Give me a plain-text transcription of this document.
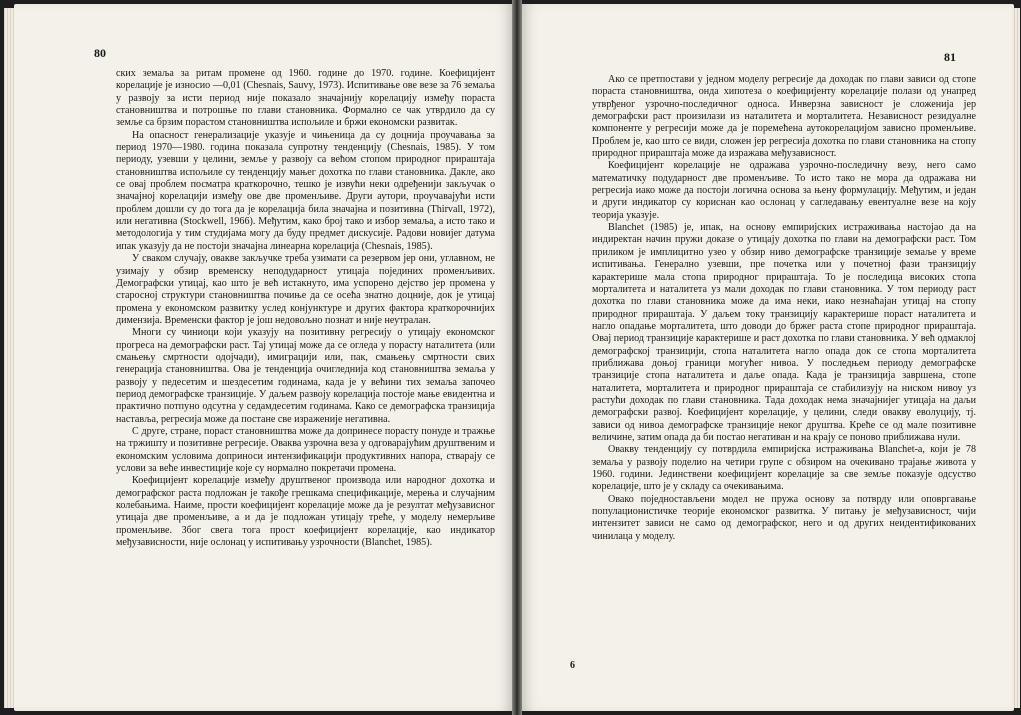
80

ских земаља за ритам промене од 1960. године до 1970. године. Коефицијент корелације је износио —0,01 (Chesnais, Sauvy, 1973). Испитивање ове везе за 76 земаља у развоју за исти период није показало значајнију корелацију између пораста становништва и потрошње по глави становника. Формално се чак утврдило да су земље са брзим порастом становништва испољиле и бржи економски развитак.

На опасност генерализације указује и чињеница да су доцнија проучавања за период 1970—1980. година показала супротну тенденцију (Chesnais, 1985). У том периоду, узевши у целини, земље у развоју са већом стопом природног прираштаја становништва испољиле су тенденцију мањег дохотка по глави становника. Дакле, ако се овај проблем посматра краткорочно, тешко је извући неки одређенији закључак о значајној корелацији између ове две променљиве. Други аутори, проучавајући исти проблем дошли су до тога да је корелација била значајна и позитивна (Thirvall, 1972), или негативна (Stockwell, 1966). Међутим, како број тако и избор земаља, а исто тако и методологија у тим студијама могу да буду предмет дискусије. Радови новијег датума ипак указују да не постоји значајна линеарна корелација (Chesnais, 1985).

У сваком случају, овакве закључке треба узимати са резервом јер они, углавном, не узимају у обзир временску неподударност утицаја појединих променљивих. Демографски утицај, као што је већ истакнуто, има успорено дејство јер промена у старосној структури становништва почиње да се осећа знатно доцније, док је утицај промена у економском развитку услед конјунктуре и других фактора краткорочнијих димензија. Временски фактор је још недовољно познат и није неутралан.

Многи су чиниоци који указују на позитивну регресију о утицају економског прогреса на демографски раст. Тај утицај може да се огледа у порасту наталитета (или смањењу смртности одојчади), имиграцији или, пак, смањењу смртности свих генерација становништва. Ова је тенденција очигледнија код становништва земаља у развоју у педесетим и шездесетим годинама, када је у већини тих земаља започео период демографске транзиције. У даљем развоју корелација постоје мање евидентна и практично потпуно одсутна у седамдесетим годинама. Како се демографска транзиција наставља, регресија може да постане све израженије негативна.

С друге, стране, пораст становништва може да допринесе порасту понуде и тражње на тржишту и позитивне регресије. Оваква узрочна веза у одговарајућим друштвеним и економским условима доприноси интензификацији продуктивних напора, стварају се услови за веће инвестиције које су нормално покретачи промена.

Коефицијент корелације између друштвеног производа или народног дохотка и демографског раста подложан је такође грешкама спецификације, мерења и случајним колебањима. Наиме, прости коефицијент корелације може да је резултат међузависног утицаја две променљиве, а и да је подложан утицају треће, у моделу немерљиве променљиве. Због свега тога прост коефицијент корелације, као индикатор међузависности, није ослонац у испитивању узрочности (Blanchet, 1985).

81

Ако се претпостави у једном моделу регресије да доходак по глави зависи од стопе пораста становништва, онда хипотеза о коефицијенту корелације полази од унапред утврђеног узрочно-последичног односа. Инверзна зависност је сложенија јер демографски раст произилази из наталитета и морталитета. Независност резидуалне компоненте у регресији може да је поремећена аутокорелацијом зависно променљиве. Проблем је, као што се види, сложен јер регресија дохотка по глави становника на стопу природног прираштаја може да изражава међузависност.

Коефицијент корелације не одражава узрочно-последичну везу, него само математичку подударност две променљиве. То исто тако не мора да одражава ни регресија иако може да постоји логична основа за њену формулацију. Међутим, и један и други индикатор су кориснан као ослонац у сагледавању евентуалне везе на коју теорија указује.

Blanchet (1985) је, ипак, на основу емпиријских истраживања настојао да на индиректан начин пружи доказе о утицају дохотка по глави на демографски раст. Том приликом је имплицитно узео у обзир ниво демографске транзиције земаље у време испитивања. Генерално узевши, пре почетка или у почетној фази транзицију карактерише мала стопа природног прираштаја. То је последица високих стопа морталитета и наталитета уз мали доходак по глави становника. У том периоду раст дохотка по глави становника може да има неки, иако незнаћајан утицај на стопу природног прираштаја. У даљем току транзицију карактерише пораст наталитета и нагло опадање морталитета, што доводи до бржег раста стопе природног прираштаја. Овај период транзиције карактерише и раст дохотка по глави становника. У већ одмаклој демографској транзицији, стопа наталитета нагло опада док се стопа морталитета приближава доњој граници могућег нивоа. У последњем периоду демографске транзиције стопа наталитета и даље опада. Када је транзиција завршена, стопе наталитета, морталитета и природног прираштаја се стабилизују на ниском нивоу уз растући доходак по глави становника. Тада доходак нема значајнијег утицаја на даљи демографски развој. Коефицијент корелације, у целини, следи овакву еволуцију, тј. зависи од нивоа демографске транзиције неког друштва. Креће се од мале позитивне величине, затим опада да би постао негативан и на крају се поново приближава нули.

Овакву тенденцију су потврдила емпиријска истраживања Blanchet-a, који је 78 земаља у развоју поделио на четири групе с обзиром на очекивано трајање живота у 1960. години. Јединствени коефицијент корелације за све земље показује одсуство корелације, што је у складу са очекивањима.

Овако поједностављени модел не пружа основу за потврду или оповргавање популационистичке теорије економског развитка. У питању је међузависност, чији интензитет зависи не само од демографског, него и од других неидентификованих чинилаца у моделу.

6
